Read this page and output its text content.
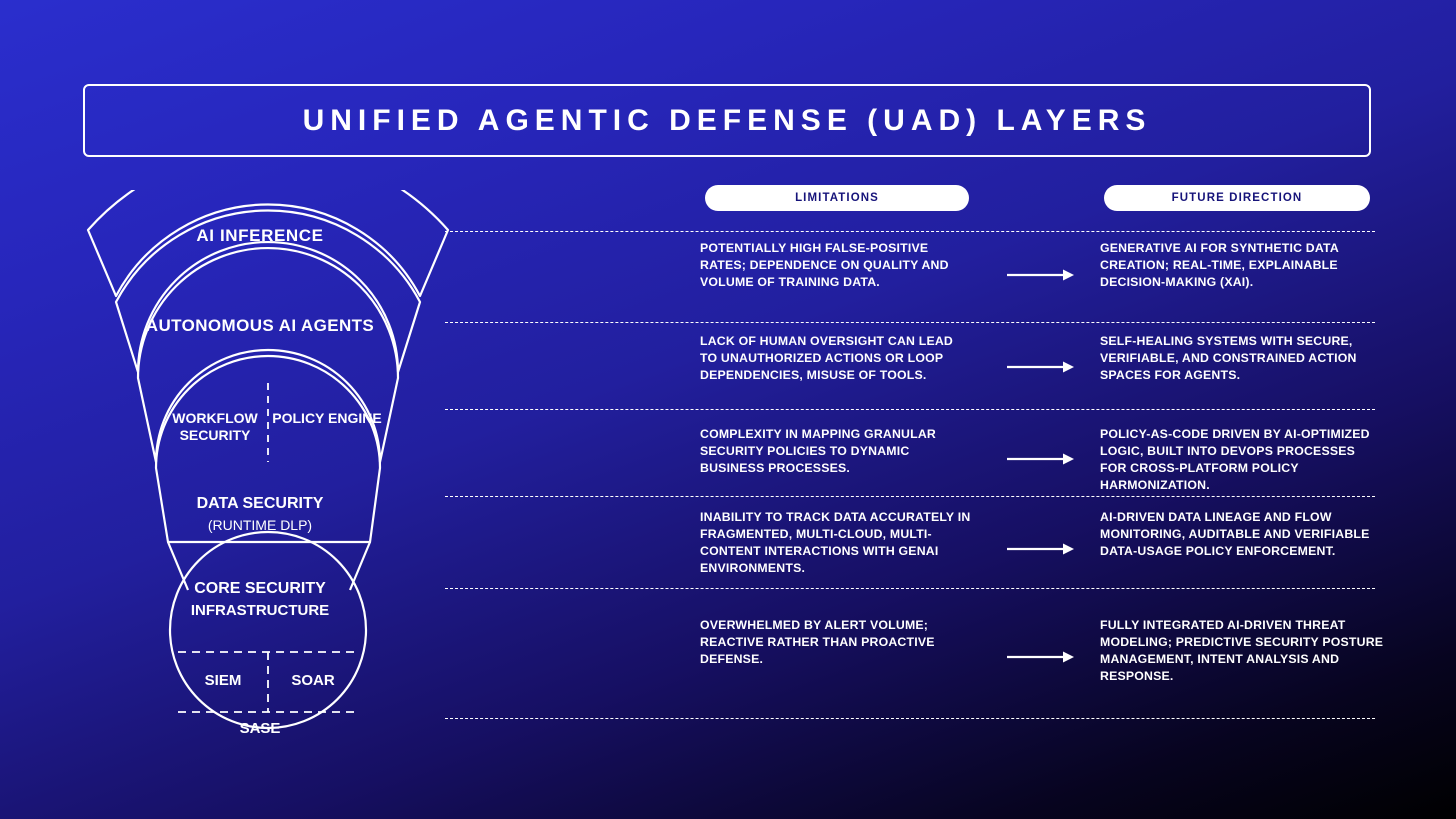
UNIFIED AGENTIC DEFENSE (UAD) LAYERS
LIMITATIONS	FUTURE DIRECTION
AI INFERENCE
AUTONOMOUS AI AGENTS
WORKFLOW SECURITY
POLICY ENGINE
DATA SECURITY
(RUNTIME DLP)
CORE SECURITY
INFRASTRUCTURE
SIEM	SOAR
SASE
POTENTIALLY HIGH FALSE-POSITIVE RATES; DEPENDENCE ON QUALITY AND VOLUME OF TRAINING DATA.
GENERATIVE AI FOR SYNTHETIC DATA CREATION; REAL-TIME, EXPLAINABLE DECISION-MAKING (XAI).
LACK OF HUMAN OVERSIGHT CAN LEAD TO UNAUTHORIZED ACTIONS OR LOOP DEPENDENCIES, MISUSE OF TOOLS.
SELF-HEALING SYSTEMS WITH SECURE, VERIFIABLE, AND CONSTRAINED ACTION SPACES FOR AGENTS.
COMPLEXITY IN MAPPING GRANULAR SECURITY POLICIES TO DYNAMIC BUSINESS PROCESSES.
POLICY-AS-CODE DRIVEN BY AI-OPTIMIZED LOGIC, BUILT INTO DEVOPS PROCESSES FOR CROSS-PLATFORM POLICY HARMONIZATION.
INABILITY TO TRACK DATA ACCURATELY IN FRAGMENTED, MULTI-CLOUD, MULTI-CONTENT INTERACTIONS WITH GENAI ENVIRONMENTS.
AI-DRIVEN DATA LINEAGE AND FLOW MONITORING, AUDITABLE AND VERIFIABLE DATA-USAGE POLICY ENFORCEMENT.
OVERWHELMED BY ALERT VOLUME; REACTIVE RATHER THAN PROACTIVE DEFENSE.
FULLY INTEGRATED AI-DRIVEN THREAT MODELING; PREDICTIVE SECURITY POSTURE MANAGEMENT, INTENT ANALYSIS AND RESPONSE.
